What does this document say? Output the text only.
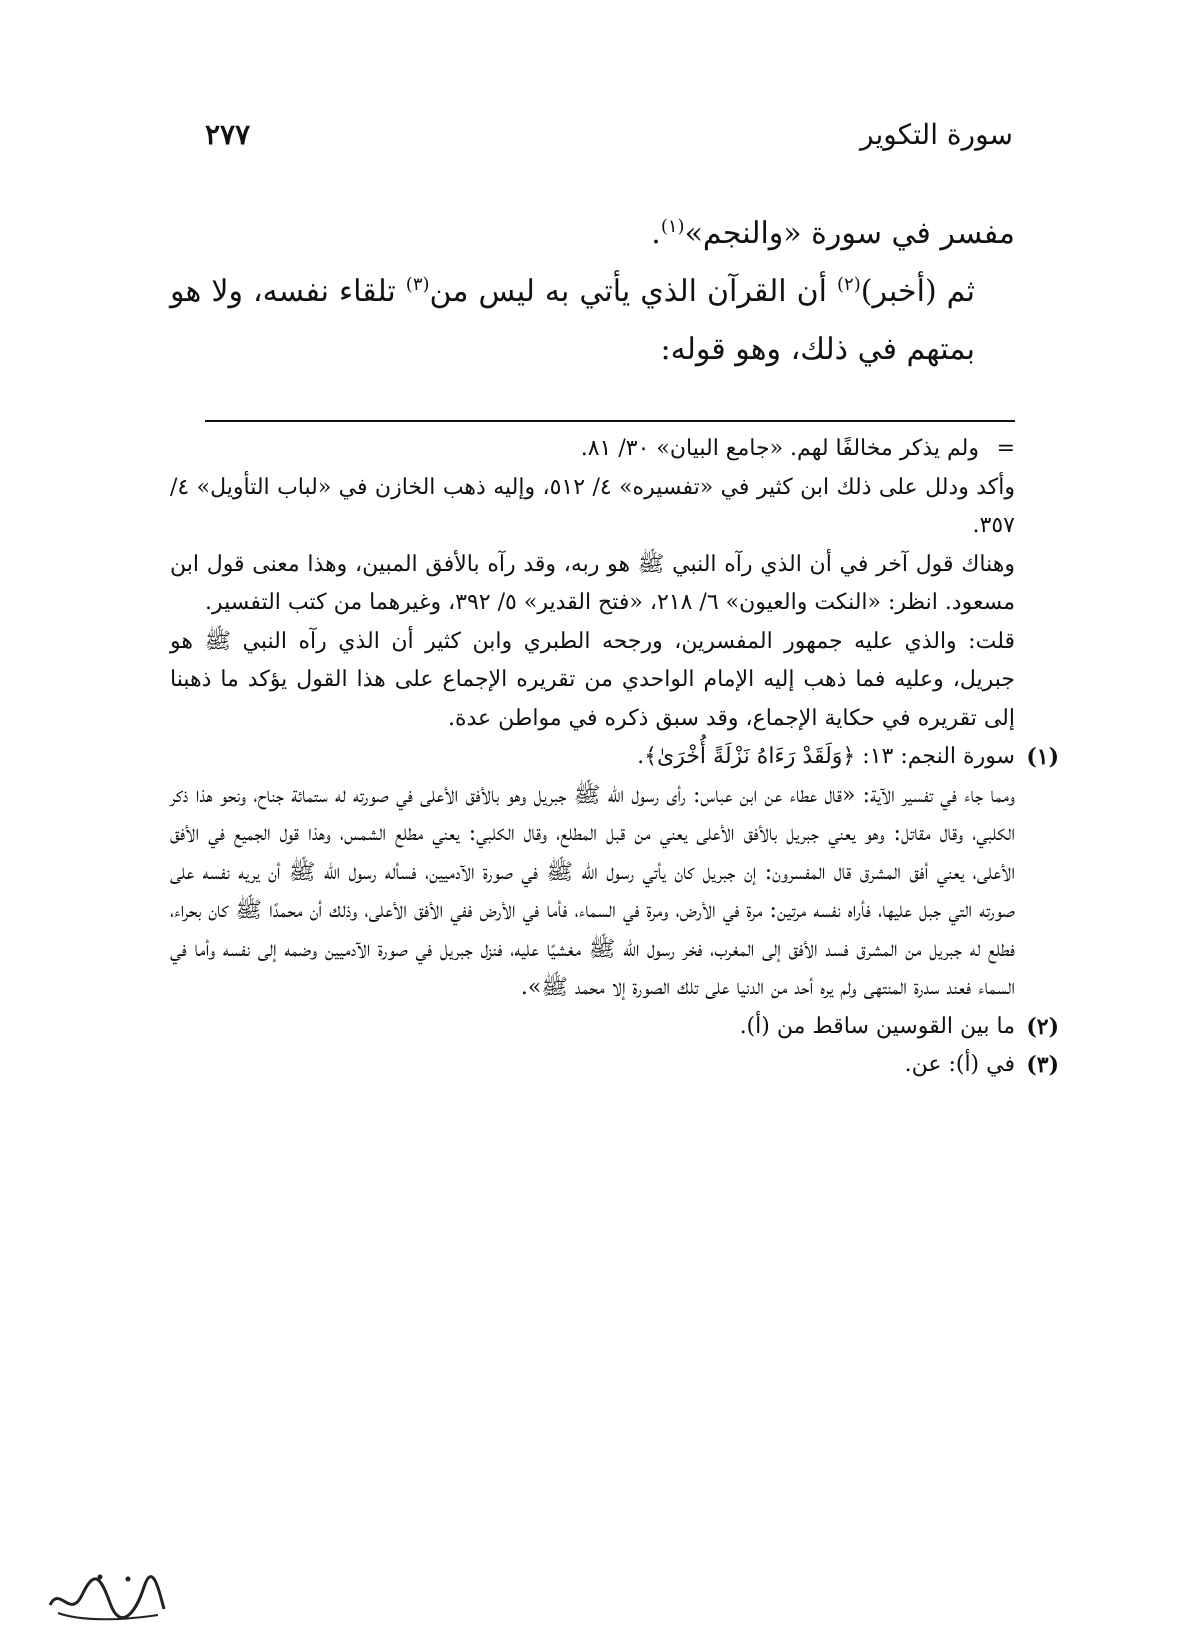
سورة التكوير
٢٧٧

مفسر في سورة «والنجم»$^{(١)}$.

ثم (أخبر)$^{(٢)}$ أن القرآن الذي يأتي به ليس من$^{(٣)}$ تلقاء نفسه، ولا هو بمتهم في ذلك، وهو قوله:

=
ولم يذكر مخالفًا لهم. «جامع البيان» ٣٠/ ٨١.

وأكد ودلل على ذلك ابن كثير في «تفسيره» ٤/ ٥١٢، وإليه ذهب الخازن في «لباب التأويل» ٤/ ٣٥٧.

وهناك قول آخر في أن الذي رآه النبي ﷺ هو ربه، وقد رآه بالأفق المبين، وهذا معنى قول ابن مسعود. انظر: «النكت والعيون» ٦/ ٢١٨، «فتح القدير» ٥/ ٣٩٢، وغيرهما من كتب التفسير.

قلت: والذي عليه جمهور المفسرين، ورجحه الطبري وابن كثير أن الذي رآه النبي ﷺ هو جبريل، وعليه فما ذهب إليه الإمام الواحدي من تقريره الإجماع على هذا القول يؤكد ما ذهبنا إلى تقريره في حكاية الإجماع، وقد سبق ذكره في مواطن عدة.

(١)
سورة النجم: ١٣: ﴿وَلَقَدْ رَءَاهُ نَزْلَةً أُخْرَىٰ﴾.

ومما جاء في تفسير الآية: «قال عطاء عن ابن عباس: رأى رسول الله ﷺ جبريل وهو بالأفق الأعلى في صورته له ستمائة جناح، ونحو هذا ذكر الكلبي، وقال مقاتل: وهو يعني جبريل بالأفق الأعلى يعني من قبل المطلع، وقال الكلبي: يعني مطلع الشمس، وهذا قول الجميع في الأفق الأعلى، يعني أفق المشرق قال المفسرون: إن جبريل كان يأتي رسول الله ﷺ في صورة الآدميين، فسأله رسول الله ﷺ أن يريه نفسه على صورته التي جبل عليها، فأراه نفسه مرتين: مرة في الأرض، ومرة في السماء، فأما في الأرض ففي الأفق الأعلى، وذلك أن محمدًا ﷺ كان بحراء، فطلع له جبريل من المشرق فسد الأفق إلى المغرب، فخر رسول الله ﷺ مغشيًا عليه، فنزل جبريل في صورة الآدميين وضمه إلى نفسه وأما في السماء فعند سدرة المنتهى ولم يره أحد من الدنيا على تلك الصورة إلا محمد ﷺ».

(٢)
ما بين القوسين ساقط من (أ).

(٣)
في (أ): عن.
